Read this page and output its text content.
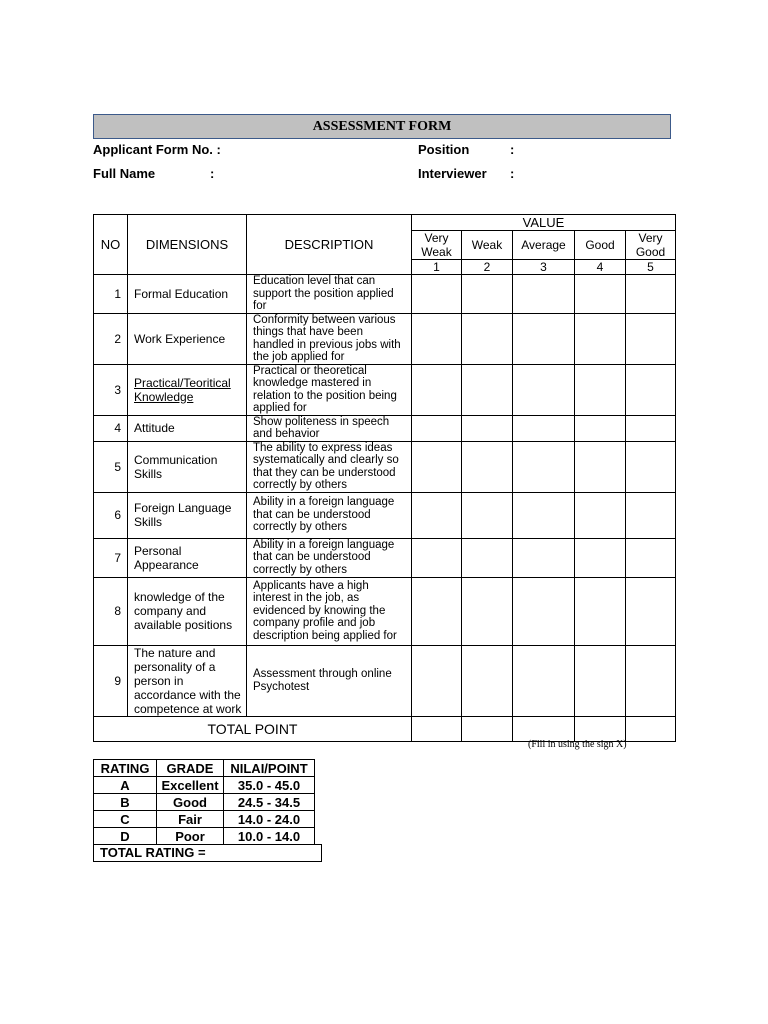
ASSESSMENT FORM
Applicant Form No. :	Position	:
Full Name	:	Interviewer :
NO	DIMENSIONS	DESCRIPTION	VALUE				
			Very Weak	Weak	Average	Good	Very Good
			1	2	3	4	5
1	Formal Education	Education level that can support the position applied for					
2	Work Experience	Conformity between various things that have been handled in previous jobs with the job applied for					
3	Practical/Teoritical Knowledge	Practical or theoretical knowledge mastered in relation to the position being applied for					
4	Attitude	Show politeness in speech and behavior					
5	Communication Skills	The ability to express ideas systematically and clearly so that they can be understood correctly by others					
6	Foreign Language Skills	Ability in a foreign language that can be understood correctly by others					
7	Personal Appearance	Ability in a foreign language that can be understood correctly by others					
8	knowledge of the company and available positions	Applicants have a high interest in the job, as evidenced by knowing the company profile and job description being applied for					
9	The nature and personality of a person in accordance with the competence at work	Assessment through online Psychotest					
TOTAL POINT							
(Fill in using the sign X)
RATING	GRADE	NILAI/POINT
A	Excellent	35.0 - 45.0
B	Good	24.5 - 34.5
C	Fair	14.0 - 24.0
D	Poor	10.0 - 14.0
TOTAL RATING =
